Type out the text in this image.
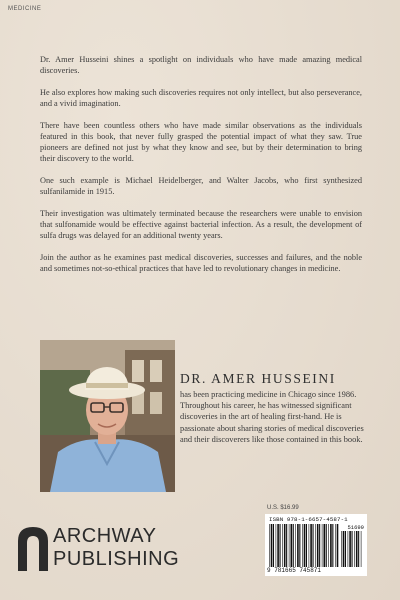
MEDICINE

Dr. Amer Husseini shines a spotlight on individuals who have made amazing medical discoveries.

He also explores how making such discoveries requires not only intellect, but also perseverance, and a vivid imagination.

There have been countless others who have made similar observations as the individuals featured in this book, that never fully grasped the potential impact of what they saw. True pioneers are defined not just by what they know and see, but by their determination to bring their discovery to the world.

One such example is Michael Heidelberger, and Walter Jacobs, who first synthesized sulfanilamide in 1915.

Their investigation was ultimately terminated because the researchers were unable to envision that sulfonamide would be effective against bacterial infection. As a result, the development of sulfa drugs was delayed for an additional twenty years.

Join the author as he examines past medical discoveries, successes and failures, and the noble and sometimes not-so-ethical practices that have led to revolutionary changes in medicine.

DR. AMER HUSSEINI
has been practicing medicine in Chicago since 1986. Throughout his career, he has witnessed significant discoveries in the art of healing first-hand. He is passionate about sharing stories of medical discoveries and their discoverers like those contained in this book.
U.S. $16.99
ISBN 978-1-6657-4587-1
51699
9 781665 745871
ARCHWAY
PUBLISHING
